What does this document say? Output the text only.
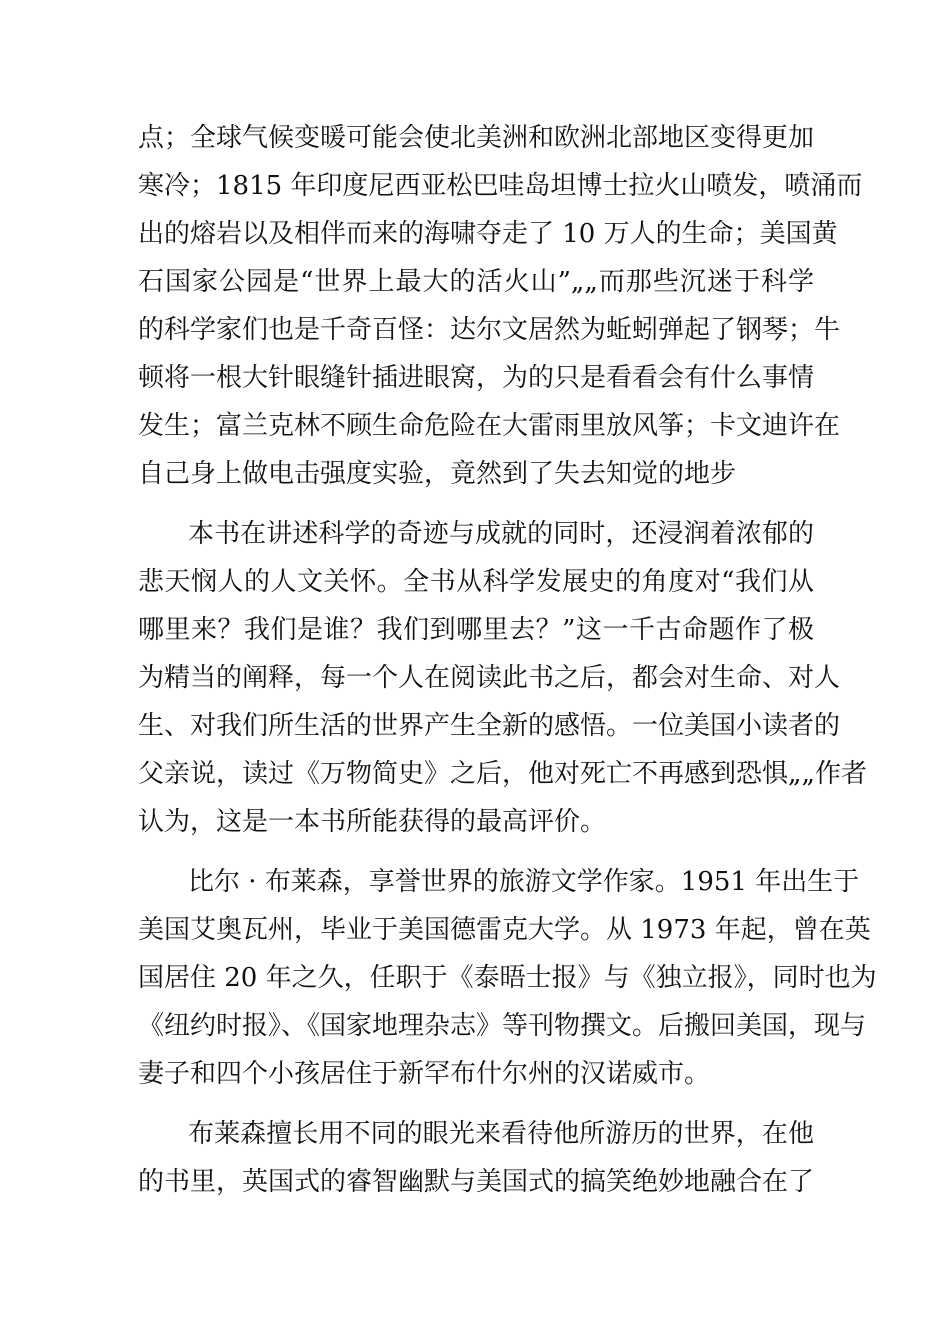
点；全球气候变暖可能会使北美洲和欧洲北部地区变得更加
寒冷；1815 年印度尼西亚松巴哇岛坦博士拉火山喷发，喷涌而
出的熔岩以及相伴而来的海啸夺走了 10 万人的生命；美国黄
石国家公园是“世界上最大的活火山”„„而那些沉迷于科学
的科学家们也是千奇百怪：达尔文居然为蚯蚓弹起了钢琴；牛
顿将一根大针眼缝针插进眼窝，为的只是看看会有什么事情
发生；富兰克林不顾生命危险在大雷雨里放风筝；卡文迪许在
自己身上做电击强度实验，竟然到了失去知觉的地步
本书在讲述科学的奇迹与成就的同时，还浸润着浓郁的
悲天悯人的人文关怀。全书从科学发展史的角度对“我们从
哪里来？我们是谁？我们到哪里去？”这一千古命题作了极
为精当的阐释，每一个人在阅读此书之后，都会对生命、对人
生、对我们所生活的世界产生全新的感悟。一位美国小读者的
父亲说，读过《万物简史》之后，他对死亡不再感到恐惧„„作者
认为，这是一本书所能获得的最高评价。
比尔 · 布莱森，享誉世界的旅游文学作家。1951 年出生于
美国艾奥瓦州，毕业于美国德雷克大学。从 1973 年起，曾在英
国居住 20 年之久，任职于《泰晤士报》与《独立报》，同时也为
《纽约时报》、《国家地理杂志》等刊物撰文。后搬回美国，现与
妻子和四个小孩居住于新罕布什尔州的汉诺威市。
布莱森擅长用不同的眼光来看待他所游历的世界，在他
的书里，英国式的睿智幽默与美国式的搞笑绝妙地融合在了
